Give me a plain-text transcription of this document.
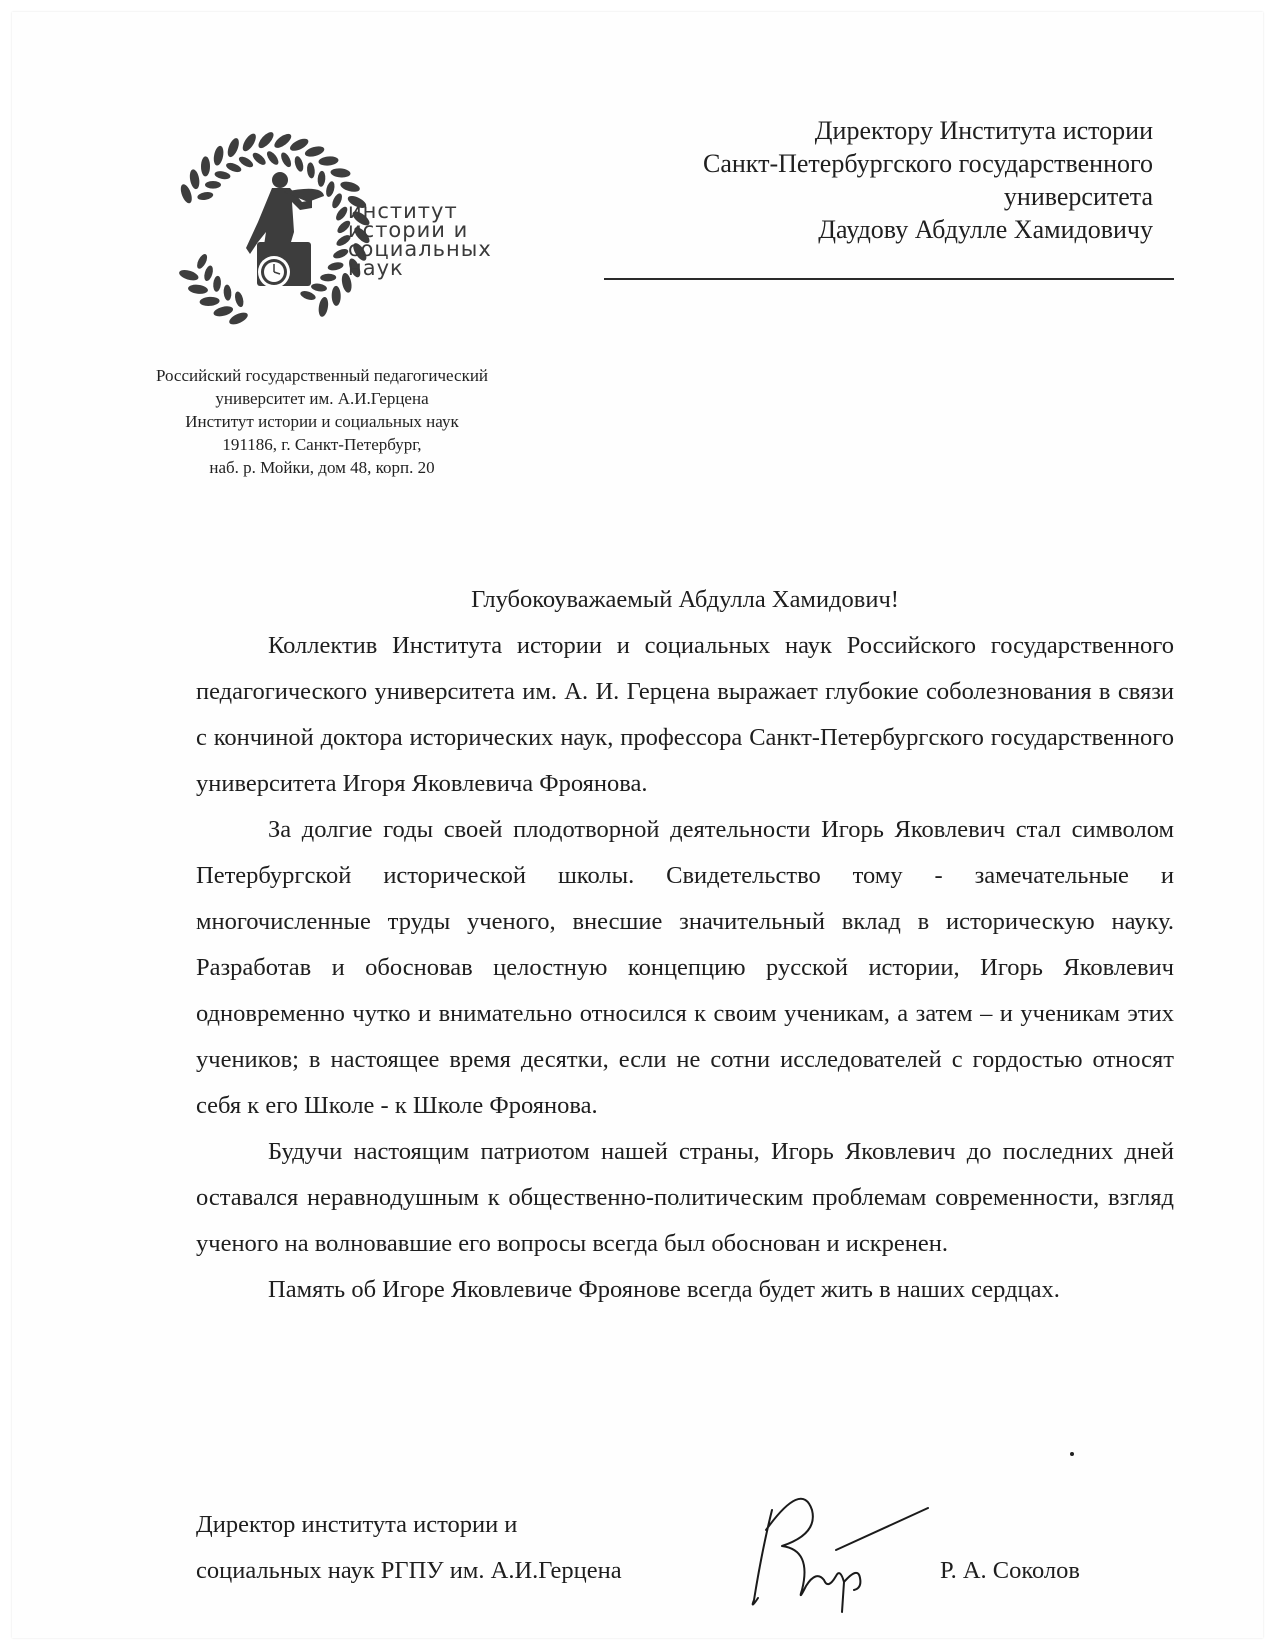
институт
истории и
социальных
наук
Российский государственный педагогический
университет им. А.И.Герцена
Институт истории и социальных наук
191186, г. Санкт-Петербург,
наб. р. Мойки, дом 48, корп. 20
Директору Института истории
Санкт-Петербургского государственного
университета
Даудову Абдулле Хамидовичу
Глубокоуважаемый Абдулла Хамидович!

Коллектив Института истории и социальных наук Российского государственного педагогического университета им. А. И. Герцена выражает глубокие соболезнования в связи с кончиной доктора исторических наук, профессора Санкт-Петербургского государственного университета Игоря Яковлевича Фроянова.

За долгие годы своей плодотворной деятельности Игорь Яковлевич стал символом Петербургской исторической школы. Свидетельство тому - замечательные и многочисленные труды ученого, внесшие значительный вклад в историческую науку. Разработав и обосновав целостную концепцию русской истории, Игорь Яковлевич одновременно чутко и внимательно относился к своим ученикам, а затем – и ученикам этих учеников; в настоящее время десятки, если не сотни исследователей с гордостью относят себя к его Школе - к Школе Фроянова.

Будучи настоящим патриотом нашей страны, Игорь Яковлевич до последних дней оставался неравнодушным к общественно-политическим проблемам современности, взгляд ученого на волновавшие его вопросы всегда был обоснован и искренен.

Память об Игоре Яковлевиче Фроянове всегда будет жить в наших сердцах.

Директор института истории и
социальных наук РГПУ им. А.И.Герцена	Р. А. Соколов
